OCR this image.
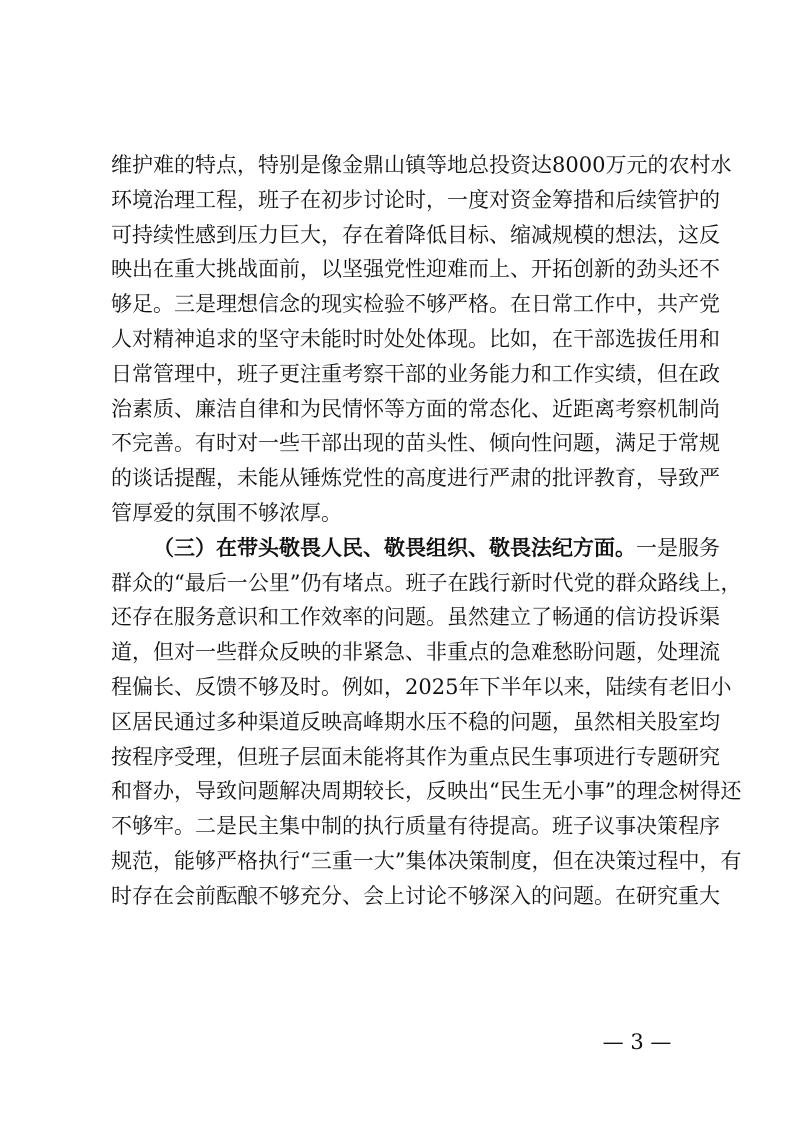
维护难的特点，特别是像金鼎山镇等地总投资达8000万元的农村水
环境治理工程，班子在初步讨论时，一度对资金筹措和后续管护的
可持续性感到压力巨大，存在着降低目标、缩减规模的想法，这反
映出在重大挑战面前，以坚强党性迎难而上、开拓创新的劲头还不
够足。三是理想信念的现实检验不够严格。在日常工作中，共产党
人对精神追求的坚守未能时时处处体现。比如，在干部选拔任用和
日常管理中，班子更注重考察干部的业务能力和工作实绩，但在政
治素质、廉洁自律和为民情怀等方面的常态化、近距离考察机制尚
不完善。有时对一些干部出现的苗头性、倾向性问题，满足于常规
的谈话提醒，未能从锤炼党性的高度进行严肃的批评教育，导致严
管厚爱的氛围不够浓厚。
（三）在带头敬畏人民、敬畏组织、敬畏法纪方面。一是服务
群众的“最后一公里”仍有堵点。班子在践行新时代党的群众路线上，
还存在服务意识和工作效率的问题。虽然建立了畅通的信访投诉渠
道，但对一些群众反映的非紧急、非重点的急难愁盼问题，处理流
程偏长、反馈不够及时。例如，2025年下半年以来，陆续有老旧小
区居民通过多种渠道反映高峰期水压不稳的问题，虽然相关股室均
按程序受理，但班子层面未能将其作为重点民生事项进行专题研究
和督办，导致问题解决周期较长，反映出“民生无小事”的理念树得还
不够牢。二是民主集中制的执行质量有待提高。班子议事决策程序
规范，能够严格执行“三重一大”集体决策制度，但在决策过程中，有
时存在会前酝酿不够充分、会上讨论不够深入的问题。在研究重大
— 3 —
